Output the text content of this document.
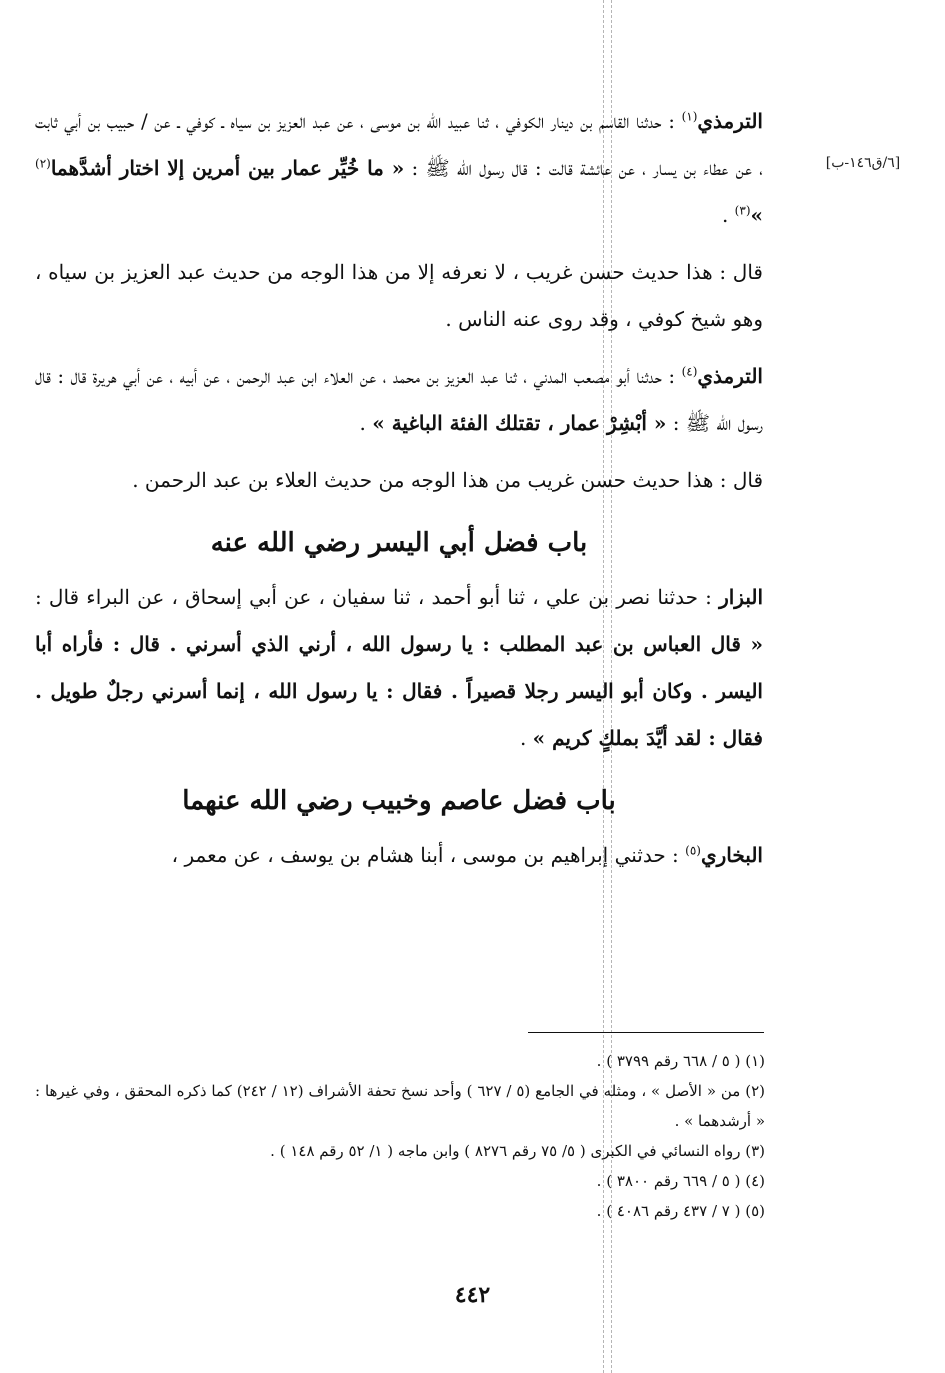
[٦/ق١٤٦-ب]

الترمذي$^{(١)}$ : حدثنا القاسم بن دينار الكوفي ، ثنا عبيد الله بن موسى ، عن عبد العزيز بن سياه ـ كوفي ـ عن / حبيب بن أبي ثابت ، عن عطاء بن يسار ، عن عائشة قالت : قال رسول الله ﷺ : « ما خُيِّر عمار بين أمرين إلا اختار أشدَّهما$^{(٢)}$ »$^{(٣)}$ .

قال : هذا حديث حسن غريب ، لا نعرفه إلا من هذا الوجه من حديث عبد العزيز بن سياه ، وهو شيخ كوفي ، وقد روى عنه الناس .

الترمذي$^{(٤)}$ : حدثنا أبو مصعب المدني ، ثنا عبد العزيز بن محمد ، عن العلاء ابن عبد الرحمن ، عن أبيه ، عن أبي هريرة قال : قال رسول الله ﷺ : « أبْشِرْ عمار ، تقتلك الفئة الباغية » .

قال : هذا حديث حسن غريب من هذا الوجه من حديث العلاء بن عبد الرحمن .

باب فضل أبي اليسر رضي الله عنه

البزار : حدثنا نصر بن علي ، ثنا أبو أحمد ، ثنا سفيان ، عن أبي إسحاق ، عن البراء قال : « قال العباس بن عبد المطلب : يا رسول الله ، أرني الذي أسرني . قال : فأراه أبا اليسر . وكان أبو اليسر رجلا قصيراً . فقال : يا رسول الله ، إنما أسرني رجلٌ طويل . فقال : لقد أيَّدَ بملكٍ كريم » .

باب فضل عاصم وخبيب رضي الله عنهما

البخاري$^{(٥)}$ : حدثني إبراهيم بن موسى ، أبنا هشام بن يوسف ، عن معمر ،

(١) ( ٥ / ٦٦٨ رقم ٣٧٩٩ ) .
(٢) من « الأصل » ، ومثله في الجامع (٥ / ٦٢٧ ) وأحد نسخ تحفة الأشراف (١٢ / ٢٤٢) كما ذكره المحقق ، وفي غيرها : « أرشدهما » .
(٣) رواه النسائي في الكبرى ( ٥/ ٧٥ رقم ٨٢٧٦ ) وابن ماجه ( ١/ ٥٢ رقم ١٤٨ ) .
(٤) ( ٥ / ٦٦٩ رقم ٣٨٠٠ ) .
(٥) ( ٧ / ٤٣٧ رقم ٤٠٨٦ ) .
٤٤٢
